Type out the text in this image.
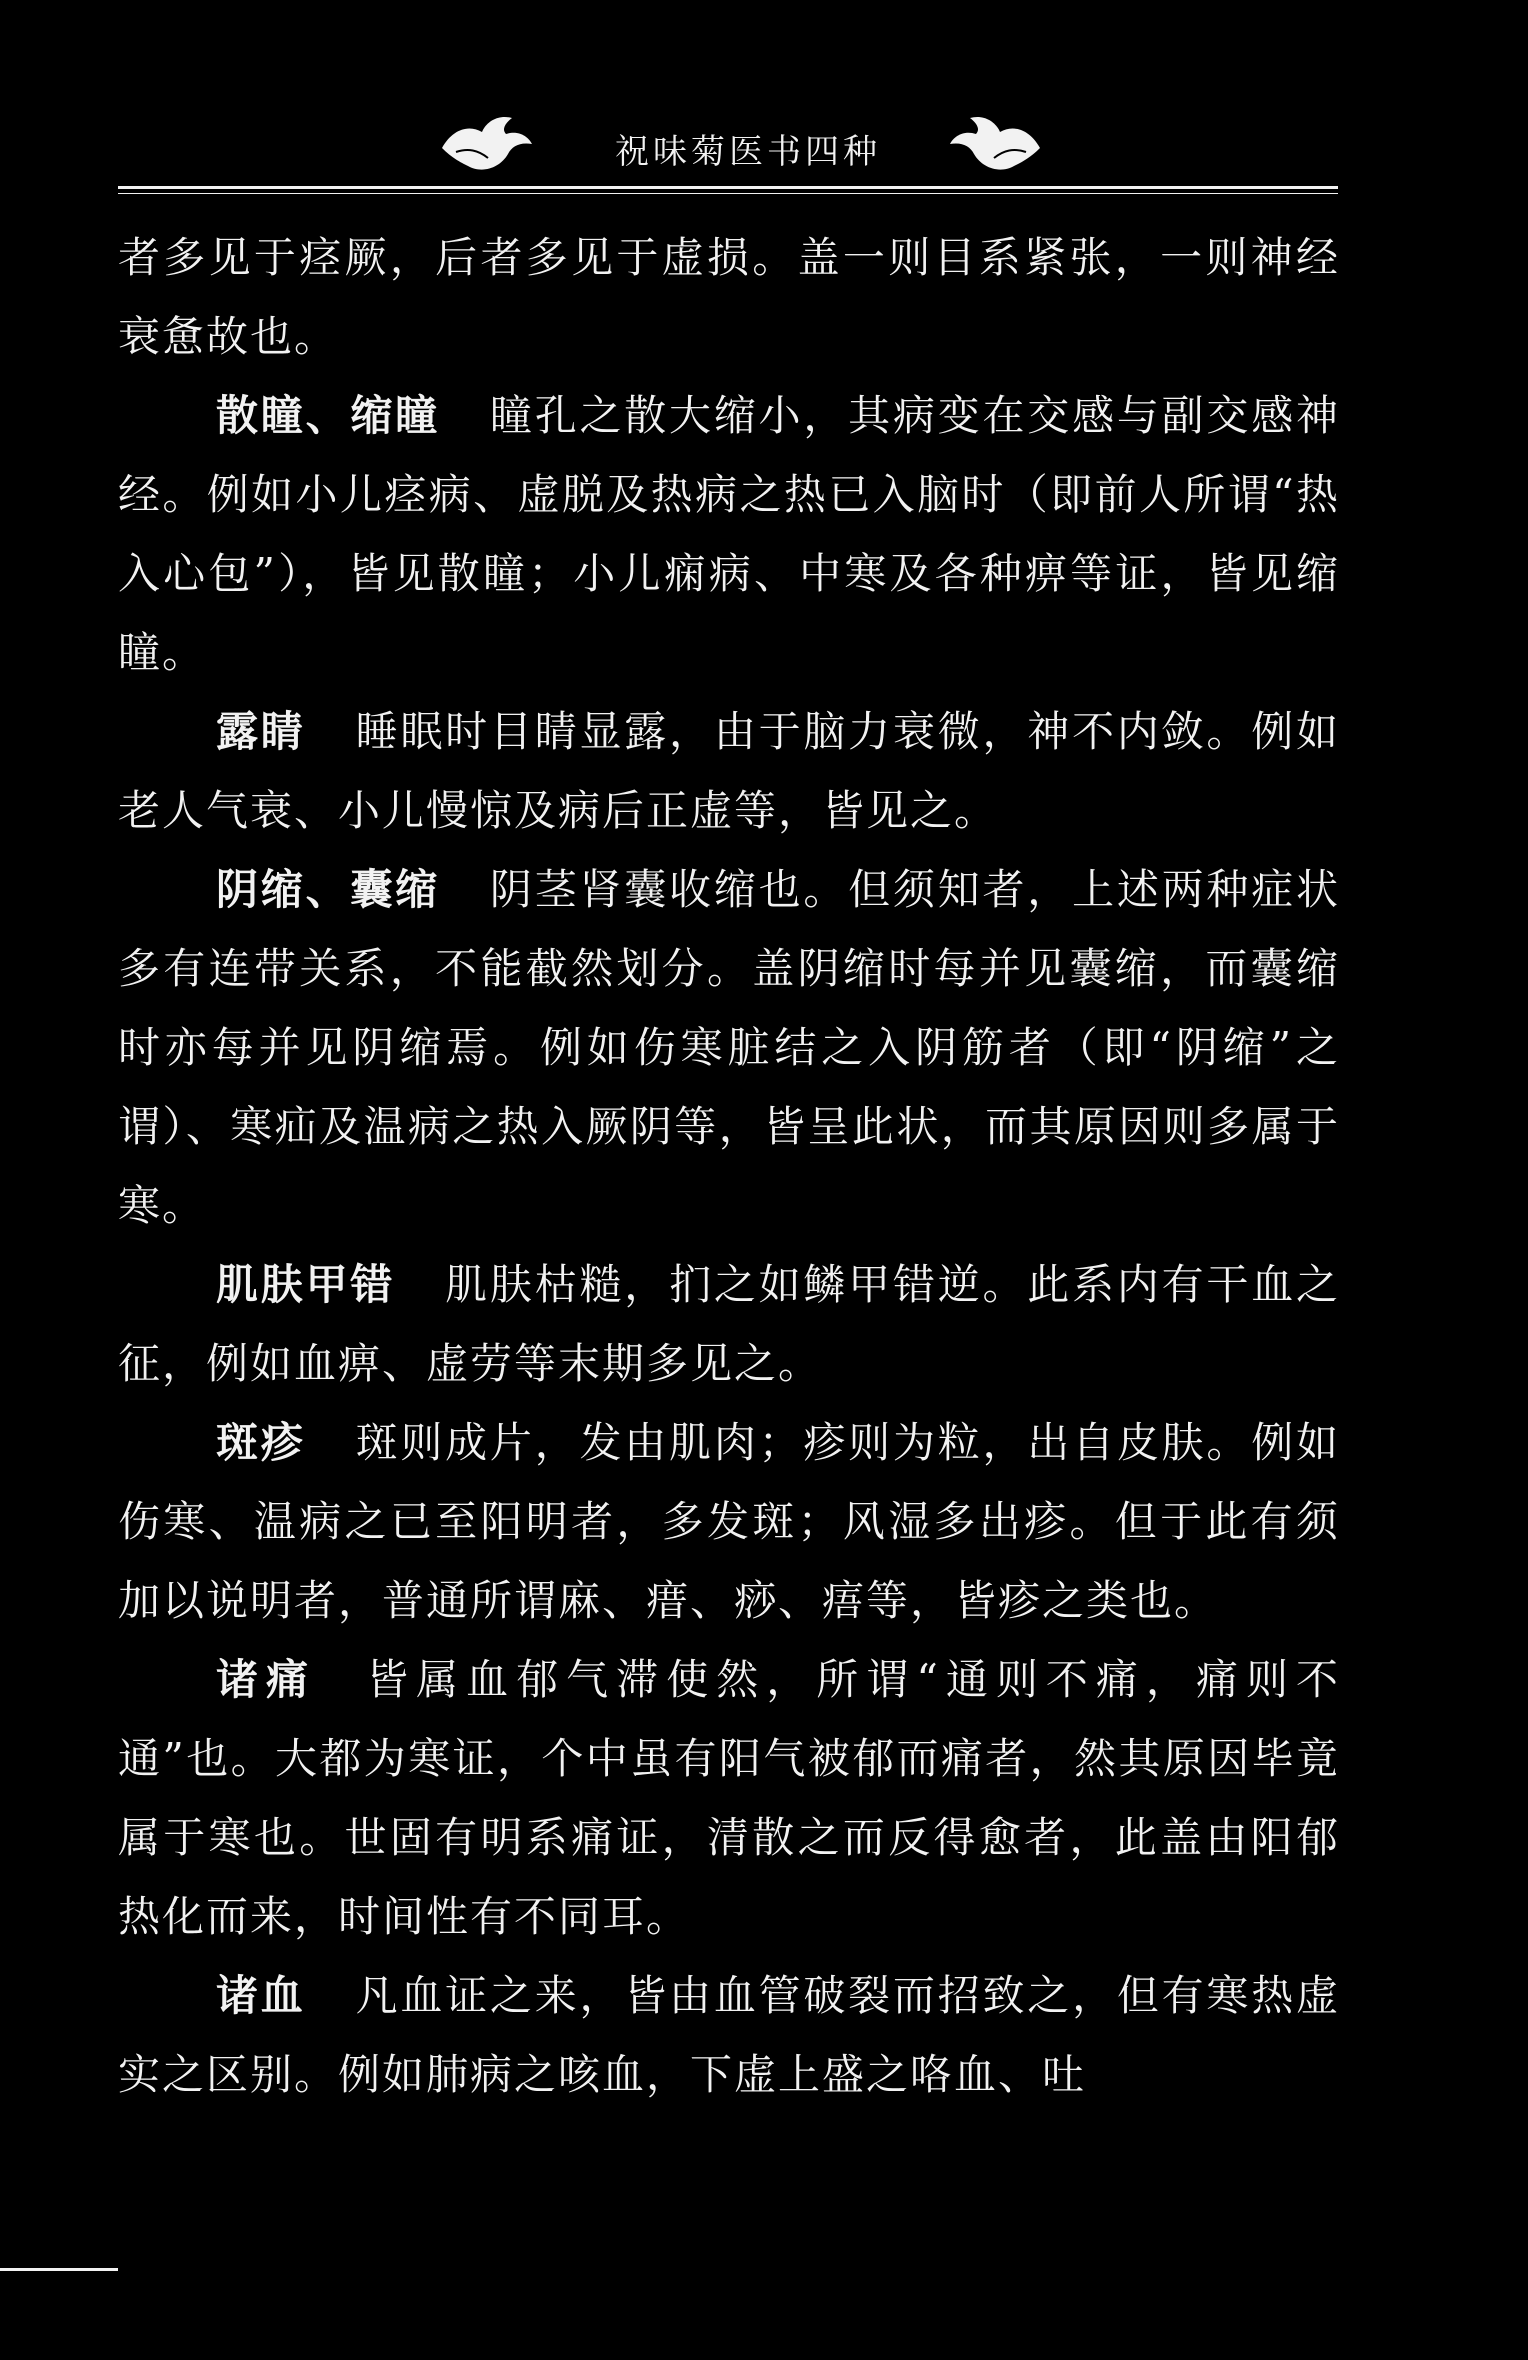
祝味菊医书四种

者多见于痉厥，后者多见于虚损。盖一则目系紧张，一则神经衰惫故也。

散瞳、缩瞳 瞳孔之散大缩小，其病变在交感与副交感神经。例如小儿痉病、虚脱及热病之热已入脑时（即前人所谓“热入心包”），皆见散瞳；小儿痫病、中寒及各种痹等证，皆见缩瞳。

露睛 睡眠时目睛显露，由于脑力衰微，神不内敛。例如老人气衰、小儿慢惊及病后正虚等，皆见之。

阴缩、囊缩 阴茎肾囊收缩也。但须知者，上述两种症状多有连带关系，不能截然划分。盖阴缩时每并见囊缩，而囊缩时亦每并见阴缩焉。例如伤寒脏结之入阴筋者（即“阴缩”之谓）、寒疝及温病之热入厥阴等，皆呈此状，而其原因则多属于寒。

肌肤甲错 肌肤枯糙，扪之如鳞甲错逆。此系内有干血之征，例如血痹、虚劳等末期多见之。

斑疹 斑则成片，发由肌肉；疹则为粒，出自皮肤。例如伤寒、温病之已至阳明者，多发斑；风湿多出疹。但于此有须加以说明者，普通所谓麻、瘄、痧、痦等，皆疹之类也。

诸痛 皆属血郁气滞使然，所谓“通则不痛，痛则不通”也。大都为寒证，个中虽有阳气被郁而痛者，然其原因毕竟属于寒也。世固有明系痛证，清散之而反得愈者，此盖由阳郁热化而来，时间性有不同耳。

诸血 凡血证之来，皆由血管破裂而招致之，但有寒热虚实之区别。例如肺病之咳血，下虚上盛之咯血、吐
